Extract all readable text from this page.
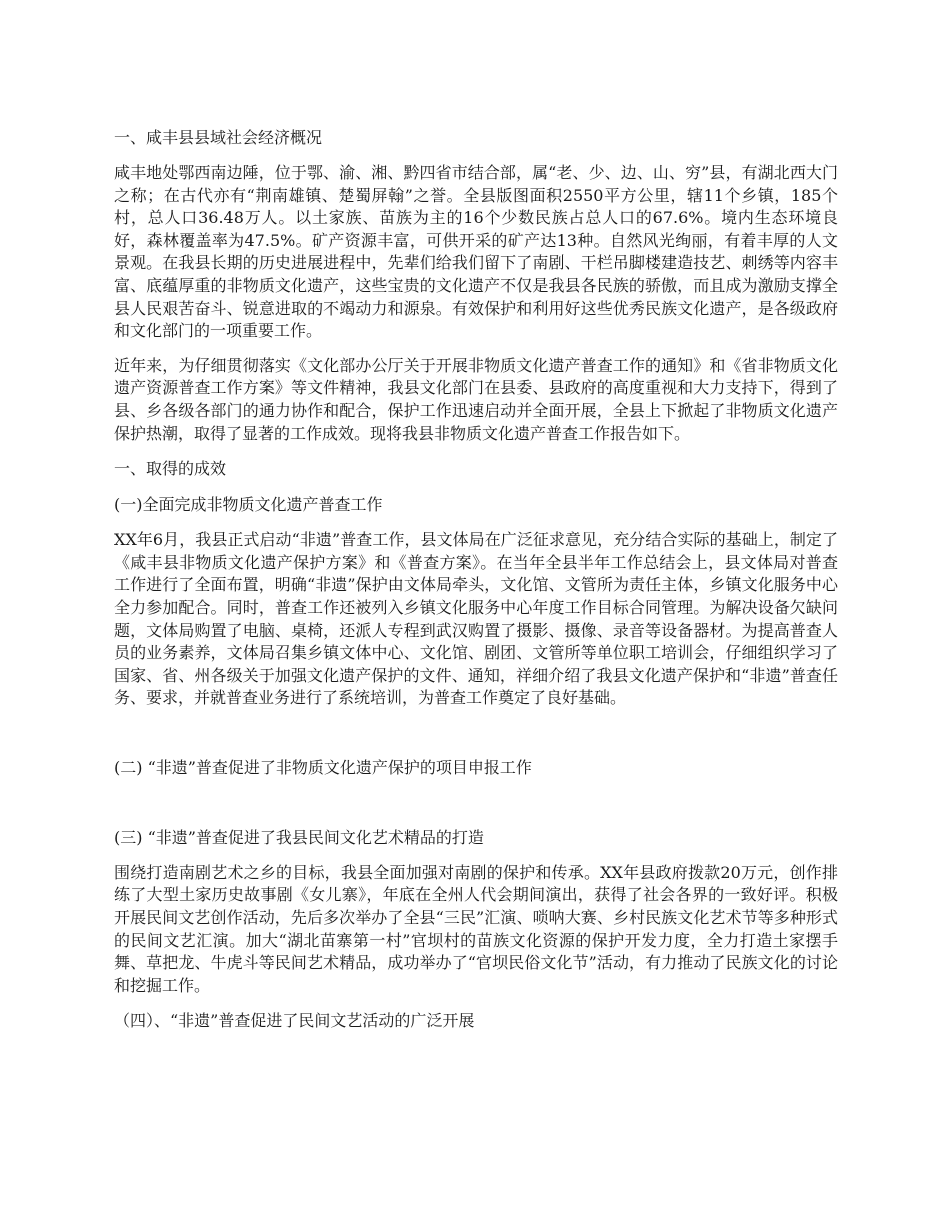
一、咸丰县县域社会经济概况
咸丰地处鄂西南边陲，位于鄂、渝、湘、黔四省市结合部，属“老、少、边、山、穷”县，有湖北西大门之称；在古代亦有“荆南雄镇、楚蜀屏翰”之誉。全县版图面积2550平方公里，辖11个乡镇，185个村，总人口36.48万人。以土家族、苗族为主的16个少数民族占总人口的67.6%。境内生态环境良好，森林覆盖率为47.5%。矿产资源丰富，可供开采的矿产达13种。自然风光绚丽，有着丰厚的人文景观。在我县长期的历史进展进程中，先辈们给我们留下了南剧、干栏吊脚楼建造技艺、刺绣等内容丰富、底蕴厚重的非物质文化遗产，这些宝贵的文化遗产不仅是我县各民族的骄傲，而且成为激励支撑全县人民艰苦奋斗、锐意进取的不竭动力和源泉。有效保护和利用好这些优秀民族文化遗产，是各级政府和文化部门的一项重要工作。
近年来，为仔细贯彻落实《文化部办公厅关于开展非物质文化遗产普查工作的通知》和《省非物质文化遗产资源普查工作方案》等文件精神，我县文化部门在县委、县政府的高度重视和大力支持下，得到了县、乡各级各部门的通力协作和配合，保护工作迅速启动并全面开展，全县上下掀起了非物质文化遗产保护热潮，取得了显著的工作成效。现将我县非物质文化遗产普查工作报告如下。
一、取得的成效
(一)全面完成非物质文化遗产普查工作
XX年6月，我县正式启动“非遗”普查工作，县文体局在广泛征求意见，充分结合实际的基础上，制定了《咸丰县非物质文化遗产保护方案》和《普查方案》。在当年全县半年工作总结会上，县文体局对普查工作进行了全面布置，明确“非遗”保护由文体局牵头，文化馆、文管所为责任主体，乡镇文化服务中心全力参加配合。同时，普查工作还被列入乡镇文化服务中心年度工作目标合同管理。为解决设备欠缺问题，文体局购置了电脑、桌椅，还派人专程到武汉购置了摄影、摄像、录音等设备器材。为提高普查人员的业务素养，文体局召集乡镇文体中心、文化馆、剧团、文管所等单位职工培训会，仔细组织学习了国家、省、州各级关于加强文化遗产保护的文件、通知，祥细介绍了我县文化遗产保护和“非遗”普查任务、要求，并就普查业务进行了系统培训，为普查工作奠定了良好基础。
(二) “非遗”普查促进了非物质文化遗产保护的项目申报工作
(三) “非遗”普查促进了我县民间文化艺术精品的打造
围绕打造南剧艺术之乡的目标，我县全面加强对南剧的保护和传承。XX年县政府拨款20万元，创作排练了大型土家历史故事剧《女儿寨》，年底在全州人代会期间演出，获得了社会各界的一致好评。积极开展民间文艺创作活动，先后多次举办了全县“三民”汇演、唢呐大赛、乡村民族文化艺术节等多种形式的民间文艺汇演。加大“湖北苗寨第一村”官坝村的苗族文化资源的保护开发力度，全力打造土家摆手舞、草把龙、牛虎斗等民间艺术精品，成功举办了“官坝民俗文化节”活动，有力推动了民族文化的讨论和挖掘工作。
（四）、“非遗”普查促进了民间文艺活动的广泛开展
